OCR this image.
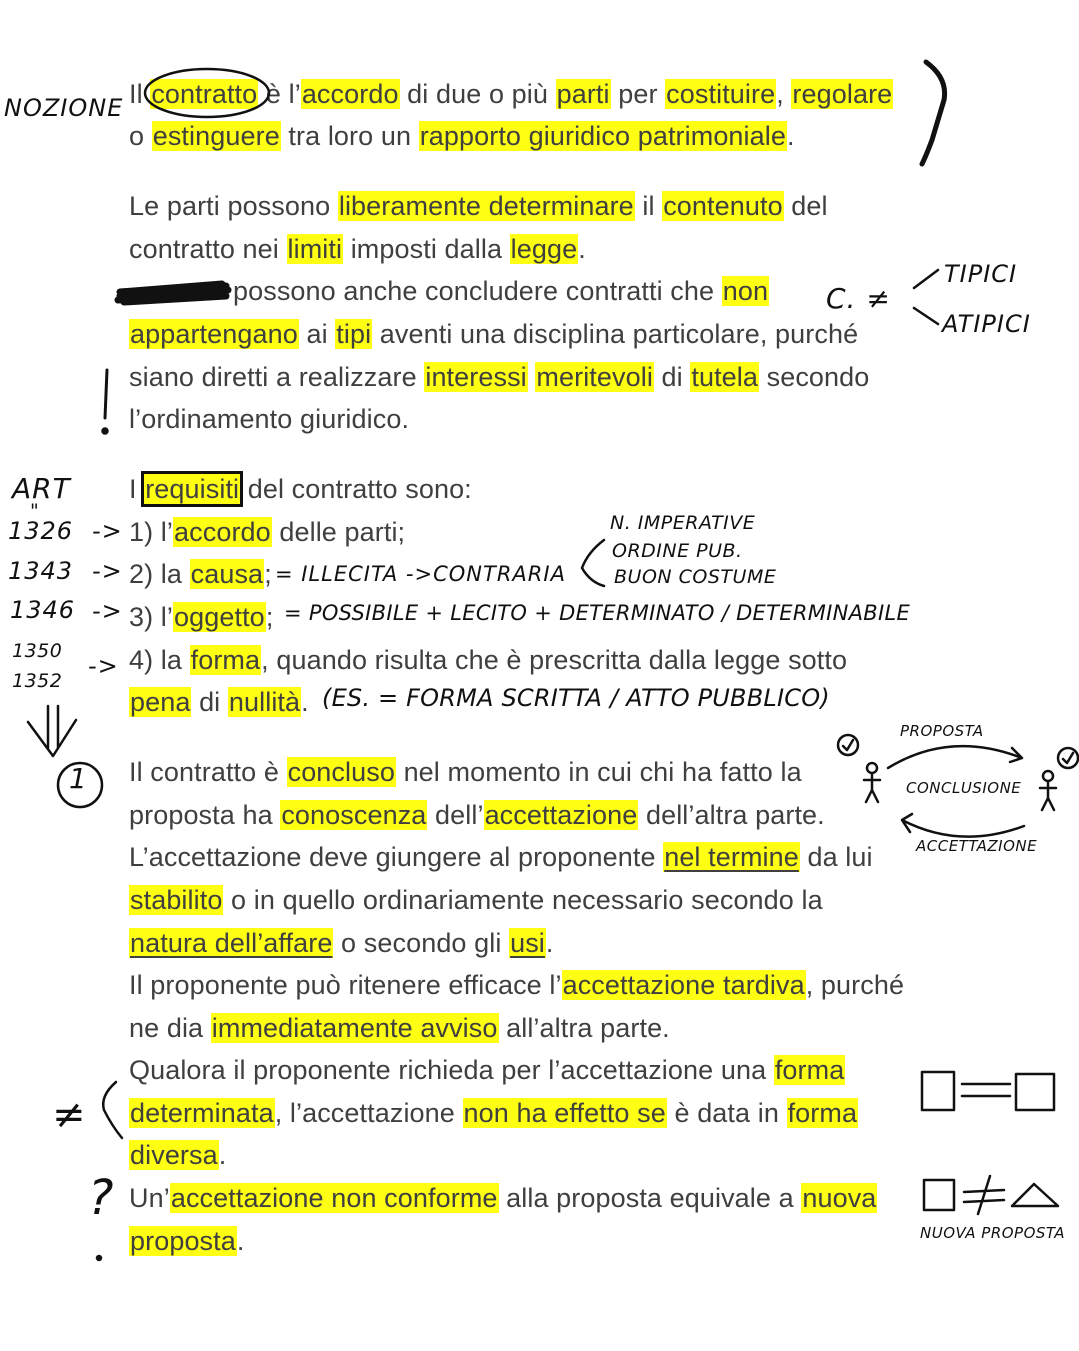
Il contratto è l’accordo di due o più parti per costituire, regolare
o estinguere tra loro un rapporto giuridico patrimoniale.
Le parti possono liberamente determinare il contenuto del
contratto nei limiti imposti dalla legge.
possono anche concludere contratti che non
appartengano ai tipi aventi una disciplina particolare, purché
siano diretti a realizzare interessi meritevoli di tutela secondo
l’ordinamento giuridico.
I requisiti del contratto sono:
1) l’accordo delle parti;
2) la causa;
3) l’oggetto;
4) la forma, quando risulta che è prescritta dalla legge sotto
pena di nullità.
Il contratto è concluso nel momento in cui chi ha fatto la
proposta ha conoscenza dell’accettazione dell’altra parte.
L’accettazione deve giungere al proponente nel termine da lui
stabilito o in quello ordinariamente necessario secondo la
natura dell’affare o secondo gli usi.
Il proponente può ritenere efficace l’accettazione tardiva, purché
ne dia immediatamente avviso all’altra parte.
Qualora il proponente richieda per l’accettazione una forma
determinata, l’accettazione non ha effetto se è data in forma
diversa.
Un’accettazione non conforme alla proposta equivale a nuova
proposta.
NOZIONE
TIPICI
ATIPICI
C. ≠
ART
"
1326 ->
1343 ->
1346 ->
1350
1352
->
= ILLECITA ->CONTRARIA
N. IMPERATIVE
ORDINE PUB.
BUON COSTUME
= POSSIBILE + LECITO + DETERMINATO / DETERMINABILE
(ES. = FORMA SCRITTA / ATTO PUBBLICO)
PROPOSTA
CONCLUSIONE
ACCETTAZIONE
NUOVA PROPOSTA
≠
?
1
